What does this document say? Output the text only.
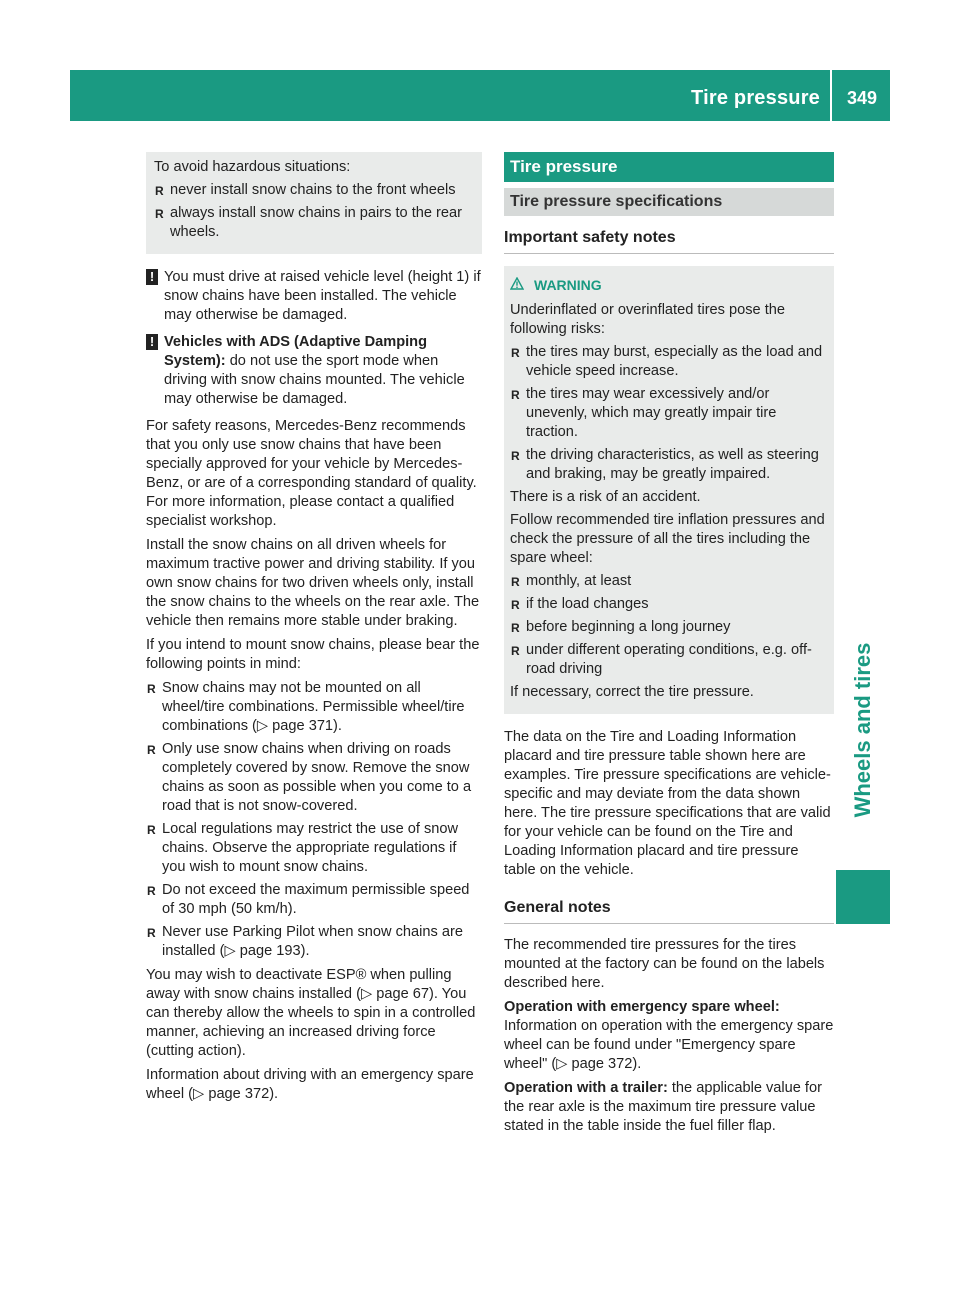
Tire pressure	349
Wheels and tires

To avoid hazardous situations:

R never install snow chains to the front wheels
R always install snow chains in pairs to the rear wheels.
! You must drive at raised vehicle level (height 1) if snow chains have been installed. The vehicle may otherwise be damaged.
! Vehicles with ADS (Adaptive Damping System): do not use the sport mode when driving with snow chains mounted. The vehicle may otherwise be damaged.

For safety reasons, Mercedes-Benz recommends that you only use snow chains that have been specially approved for your vehicle by Mercedes-Benz, or are of a corresponding standard of quality. For more information, please contact a qualified specialist workshop.

Install the snow chains on all driven wheels for maximum tractive power and driving stability. If you own snow chains for two driven wheels only, install the snow chains to the wheels on the rear axle. The vehicle then remains more stable under braking.

If you intend to mount snow chains, please bear the following points in mind:

R Snow chains may not be mounted on all wheel/tire combinations. Permissible wheel/tire combinations (▷ page 371).
R Only use snow chains when driving on roads completely covered by snow. Remove the snow chains as soon as possible when you come to a road that is not snow-covered.
R Local regulations may restrict the use of snow chains. Observe the appropriate regulations if you wish to mount snow chains.
R Do not exceed the maximum permissible speed of 30 mph (50 km/h).
R Never use Parking Pilot when snow chains are installed (▷ page 193).

You may wish to deactivate ESP® when pulling away with snow chains installed (▷ page 67). You can thereby allow the wheels to spin in a controlled manner, achieving an increased driving force (cutting action).

Information about driving with an emergency spare wheel (▷ page 372).

Tire pressure
Tire pressure specifications
Important safety notes
WARNING

Underinflated or overinflated tires pose the following risks:

R the tires may burst, especially as the load and vehicle speed increase.
R the tires may wear excessively and/or unevenly, which may greatly impair tire traction.
R the driving characteristics, as well as steering and braking, may be greatly impaired.

There is a risk of an accident.

Follow recommended tire inflation pressures and check the pressure of all the tires including the spare wheel:

R monthly, at least
R if the load changes
R before beginning a long journey
R under different operating conditions, e.g. off-road driving

If necessary, correct the tire pressure.

The data on the Tire and Loading Information placard and tire pressure table shown here are examples. Tire pressure specifications are vehicle-specific and may deviate from the data shown here. The tire pressure specifications that are valid for your vehicle can be found on the Tire and Loading Information placard and tire pressure table on the vehicle.

General notes

The recommended tire pressures for the tires mounted at the factory can be found on the labels described here.

Operation with emergency spare wheel: Information on operation with the emergency spare wheel can be found under "Emergency spare wheel" (▷ page 372).

Operation with a trailer: the applicable value for the rear axle is the maximum tire pressure value stated in the table inside the fuel filler flap.
